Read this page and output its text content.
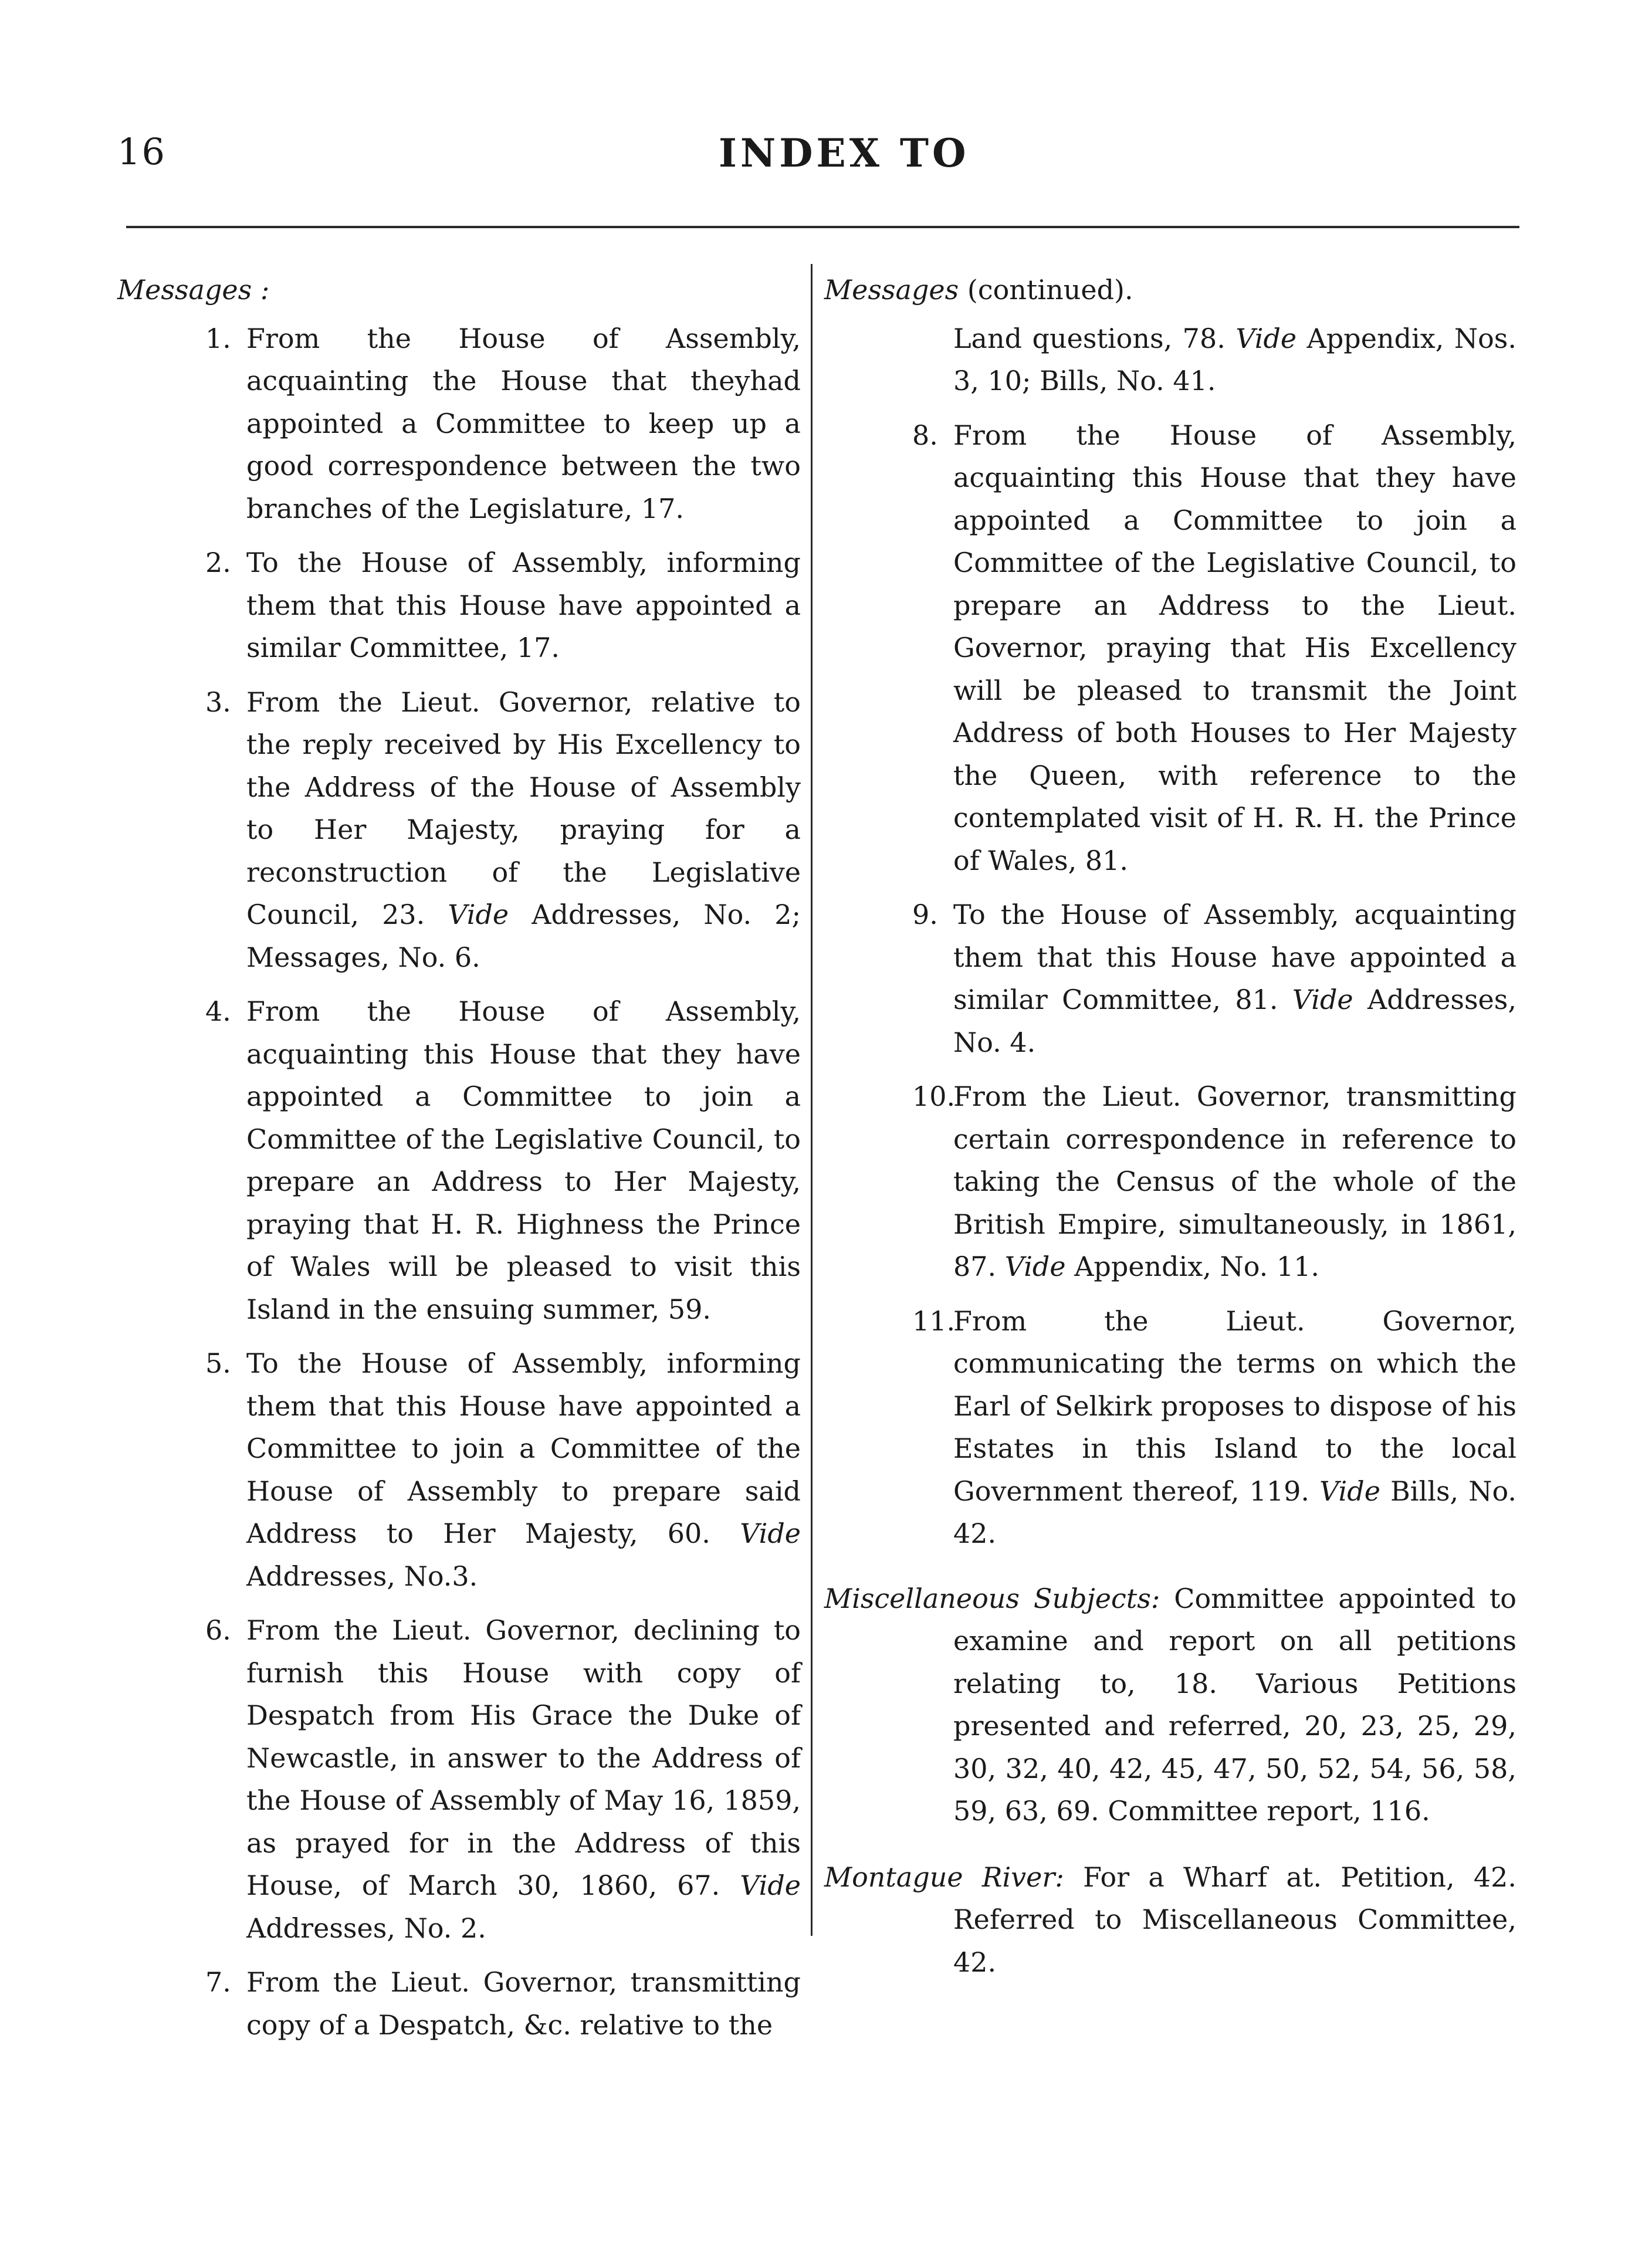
16	INDEX TO
Messages :

1. From the House of Assembly, acquainting the House that theyhad appointed a Committee to keep up a good correspondence between the two branches of the Legislature, 17.

2. To the House of Assembly, informing them that this House have appointed a similar Committee, 17.

3. From the Lieut. Governor, relative to the reply received by His Excellency to the Address of the House of Assembly to Her Majesty, praying for a reconstruction of the Legislative Council, 23. Vide Addresses, No. 2; Messages, No. 6.

4. From the House of Assembly, acquainting this House that they have appointed a Committee to join a Committee of the Legislative Council, to prepare an Address to Her Majesty, praying that H. R. Highness the Prince of Wales will be pleased to visit this Island in the ensuing summer, 59.

5. To the House of Assembly, informing them that this House have appointed a Committee to join a Committee of the House of Assembly to prepare said Address to Her Majesty, 60. Vide Addresses, No.3.

6. From the Lieut. Governor, declining to furnish this House with copy of Despatch from His Grace the Duke of Newcastle, in answer to the Address of the House of Assembly of May 16, 1859, as prayed for in the Address of this House, of March 30, 1860, 67. Vide Addresses, No. 2.

7. From the Lieut. Governor, transmitting copy of a Despatch, &c. relative to the

Messages (continued).

Land questions, 78. Vide Appendix, Nos. 3, 10; Bills, No. 41.

8. From the House of Assembly, acquainting this House that they have appointed a Committee to join a Committee of the Legislative Council, to prepare an Address to the Lieut. Governor, praying that His Excellency will be pleased to transmit the Joint Address of both Houses to Her Majesty the Queen, with reference to the contemplated visit of H. R. H. the Prince of Wales, 81.

9. To the House of Assembly, acquainting them that this House have appointed a similar Committee, 81. Vide Addresses, No. 4.

10.From the Lieut. Governor, transmitting certain correspondence in reference to taking the Census of the whole of the British Empire, simultaneously, in 1861, 87. Vide Appendix, No. 11.

11.From the Lieut. Governor, communicating the terms on which the Earl of Selkirk proposes to dispose of his Estates in this Island to the local Government thereof, 119. Vide Bills, No. 42.

Miscellaneous Subjects: Committee appointed to examine and report on all petitions relating to, 18. Various Petitions presented and referred, 20, 23, 25, 29, 30, 32, 40, 42, 45, 47, 50, 52, 54, 56, 58, 59, 63, 69. Committee report, 116.

Montague River: For a Wharf at. Petition, 42. Referred to Miscellaneous Committee, 42.
